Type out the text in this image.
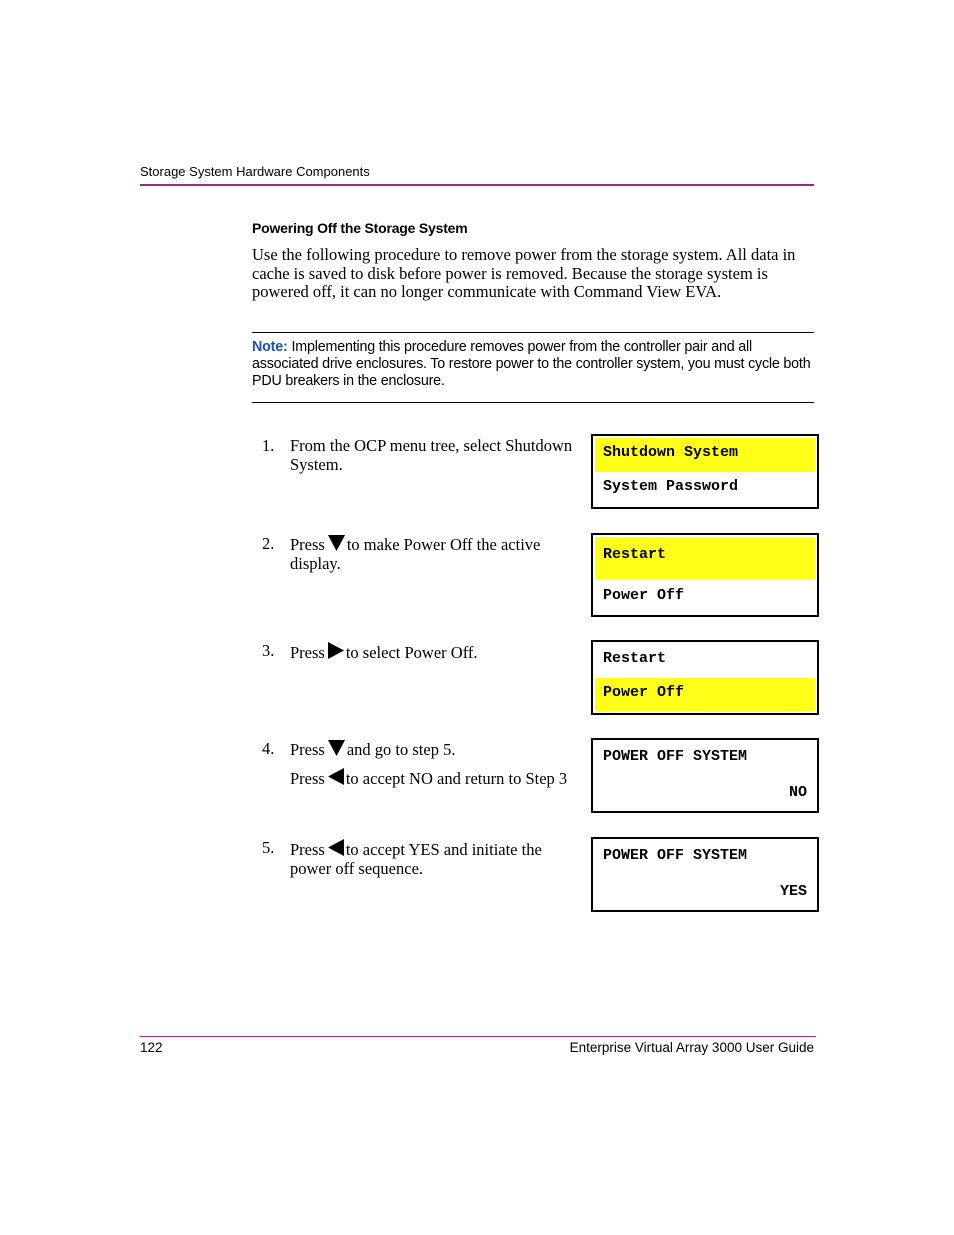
Storage System Hardware Components
Powering Off the Storage System

Use the following procedure to remove power from the storage system. All data in cache is saved to disk before power is removed. Because the storage system is powered off, it can no longer communicate with Command View EVA.

Note: Implementing this procedure removes power from the controller pair and all associated drive enclosures. To restore power to the controller system, you must cycle both PDU breakers in the enclosure.

1. From the OCP menu tree, select Shutdown System.
2. Press to make Power Off the active display.
3. Press to select Power Off.
4. Press and go to step 5.
Press to accept NO and return to Step 3
5. Press to accept YES and initiate the power off sequence.
Shutdown System
System Password
Restart
Power Off
Restart
Power Off
POWER OFF SYSTEM
NO
POWER OFF SYSTEM
YES
122	Enterprise Virtual Array 3000 User Guide
